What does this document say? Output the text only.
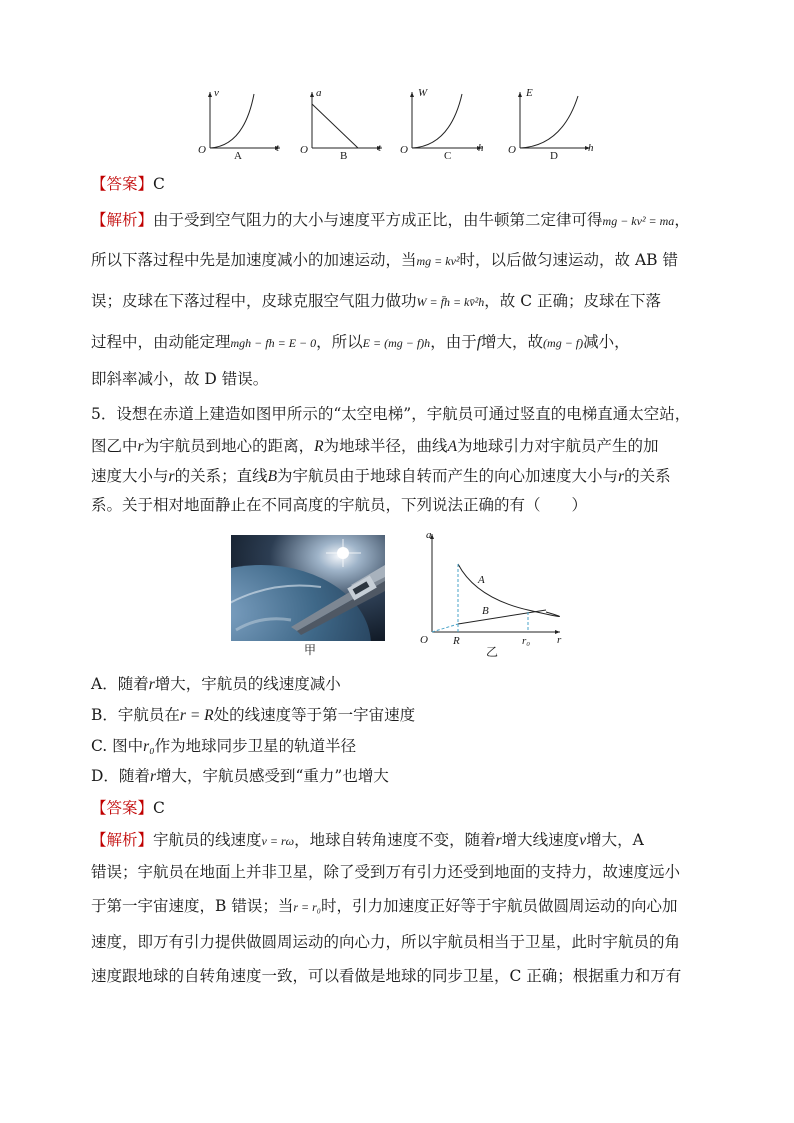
v
t
O	A
a
t
O	B
W
h
O	C
E
h
O	D
【答案】C
【解析】由于受到空气阻力的大小与速度平方成正比，由牛顿第二定律可得mg − kv² = ma，
所以下落过程中先是加速度减小的加速运动，当mg = kv²时，以后做匀速运动，故 AB 错
误；皮球在下落过程中，皮球克服空气阻力做功W = f̄h = kv̄²h，故 C 正确；皮球在下落
过程中，由动能定理mgh − fh = E − 0，所以E = (mg − f)h，由于f增大，故(mg − f)减小，
即斜率减小，故 D 错误。
5．设想在赤道上建造如图甲所示的“太空电梯”，宇航员可通过竖直的电梯直通太空站，
图乙中r为宇航员到地心的距离，R为地球半径，曲线A为地球引力对宇航员产生的加
速度大小与r的关系；直线B为宇航员由于地球自转而产生的向心加速度大小与r的关系
系。关于相对地面静止在不同高度的宇航员，下列说法正确的有（　　）
甲
a
O R	r₀ r
A
B
乙
A．随着r增大，宇航员的线速度减小
B．宇航员在r = R处的线速度等于第一宇宙速度
C. 图中r₀作为地球同步卫星的轨道半径
D．随着r增大，宇航员感受到“重力”也增大
【答案】C
【解析】宇航员的线速度v = rω，地球自转角速度不变，随着r增大线速度v增大，A
错误；宇航员在地面上并非卫星，除了受到万有引力还受到地面的支持力，故速度远小
于第一宇宙速度，B 错误；当r = r₀时，引力加速度正好等于宇航员做圆周运动的向心加
速度，即万有引力提供做圆周运动的向心力，所以宇航员相当于卫星，此时宇航员的角
速度跟地球的自转角速度一致，可以看做是地球的同步卫星，C 正确；根据重力和万有
